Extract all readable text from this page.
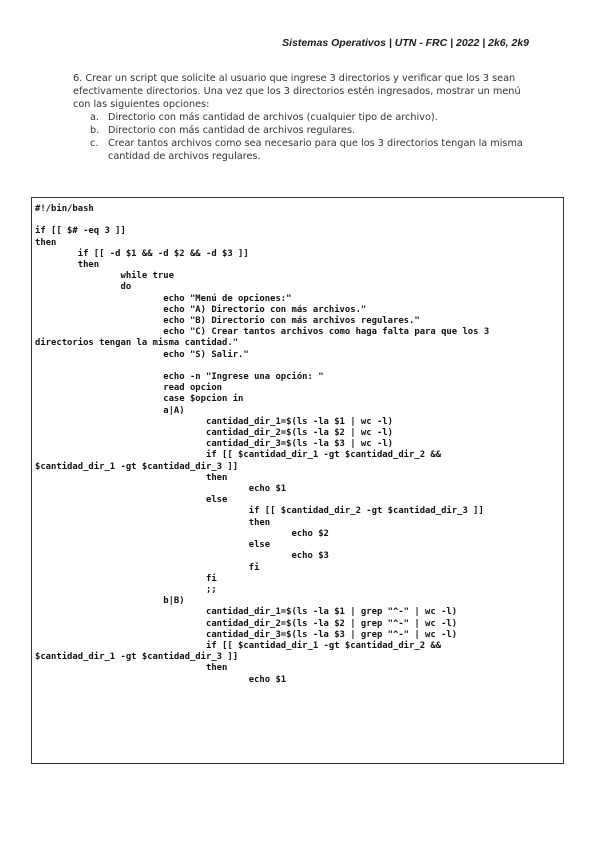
Sistemas Operativos | UTN - FRC | 2022 | 2k6, 2k9

6. Crear un script que solicite al usuario que ingrese 3 directorios y verificar que los 3 sean efectivamente directorios. Una vez que los 3 directorios estén ingresados, mostrar un menú con las siguientes opciones:

a. Directorio con más cantidad de archivos (cualquier tipo de archivo).
b. Directorio con más cantidad de archivos regulares.
c. Crear tantos archivos como sea necesario para que los 3 directorios tengan la misma cantidad de archivos regulares.
#!/bin/bash

if [[ $# -eq 3 ]]
then
if [[ -d $1 && -d $2 && -d $3 ]]
then
while true
do
echo "Menú de opciones:"
echo "A) Directorio con más archivos."
echo "B) Directorio con más archivos regulares."
echo "C) Crear tantos archivos como haga falta para que los 3
directorios tengan la misma cantidad."
echo "S) Salir."

echo -n "Ingrese una opción: "
read opcion
case $opcion in
a|A)
cantidad_dir_1=$(ls -la $1 | wc -l)
cantidad_dir_2=$(ls -la $2 | wc -l)
cantidad_dir_3=$(ls -la $3 | wc -l)
if [[ $cantidad_dir_1 -gt $cantidad_dir_2 &&
$cantidad_dir_1 -gt $cantidad_dir_3 ]]
then
echo $1
else
if [[ $cantidad_dir_2 -gt $cantidad_dir_3 ]]
then
echo $2
else
echo $3
fi
fi
;;
b|B)
cantidad_dir_1=$(ls -la $1 | grep "^-" | wc -l)
cantidad_dir_2=$(ls -la $2 | grep "^-" | wc -l)
cantidad_dir_3=$(ls -la $3 | grep "^-" | wc -l)
if [[ $cantidad_dir_1 -gt $cantidad_dir_2 &&
$cantidad_dir_1 -gt $cantidad_dir_3 ]]
then
echo $1
